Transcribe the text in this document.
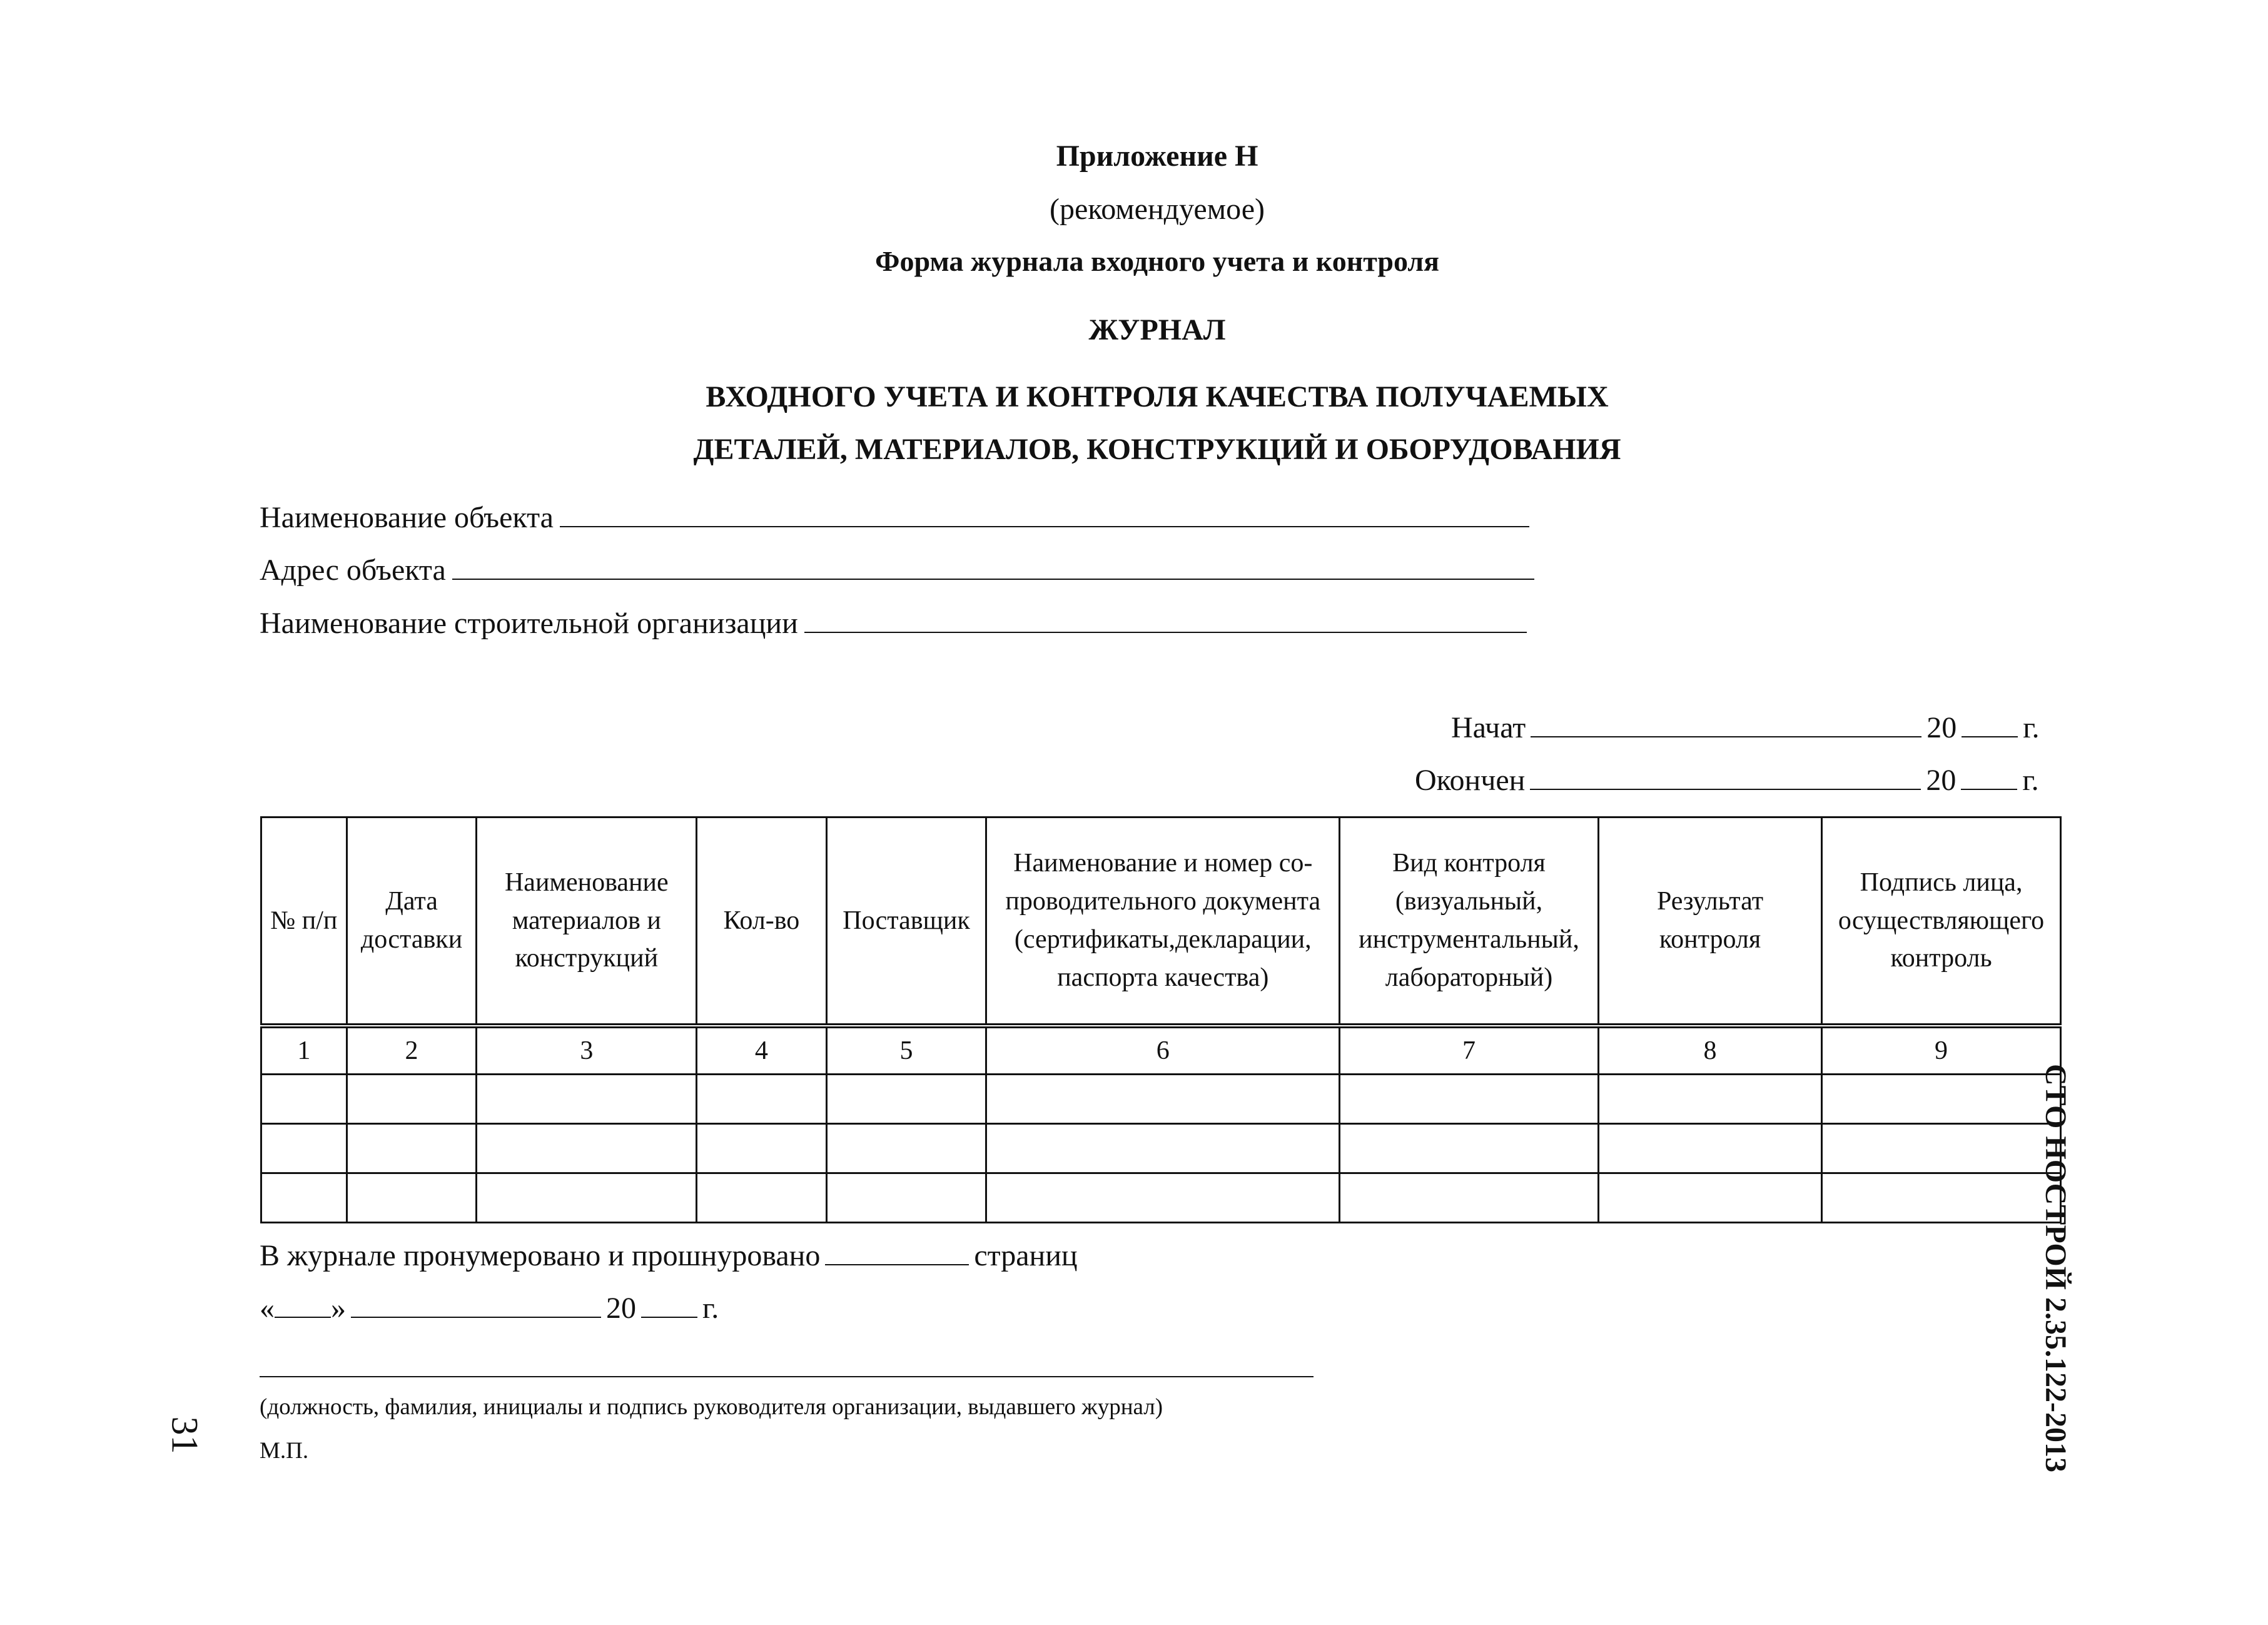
Приложение Н
(рекомендуемое)
Форма журнала входного учета и контроля
ЖУРНАЛ
ВХОДНОГО УЧЕТА И КОНТРОЛЯ КАЧЕСТВА ПОЛУЧАЕМЫХ
ДЕТАЛЕЙ, МАТЕРИАЛОВ, КОНСТРУКЦИЙ И ОБОРУДОВАНИЯ
Наименование объекта
Адрес объекта
Наименование строительной организации
Начат	20 г.
Окончен	20 г.
№ п/п	Дата доставки	Наименование материалов и конструкций	Кол-во	Поставщик	Наименование и номер со-проводительного документа (сертификаты,декларации, паспорта качества)	Вид контроля (визуальный, инструментальный, лабораторный)	Результат контроля	Подпись лица, осуществляющего контроль
1	2	3	4	5	6	7	8	9

В журнале пронумеровано и прошнуровано	страниц
« »	20 г.
(должность, фамилия, инициалы и подпись руководителя организации, выдавшего журнал)
М.П.
31	СТО НОСТРОЙ 2.35.122-2013
